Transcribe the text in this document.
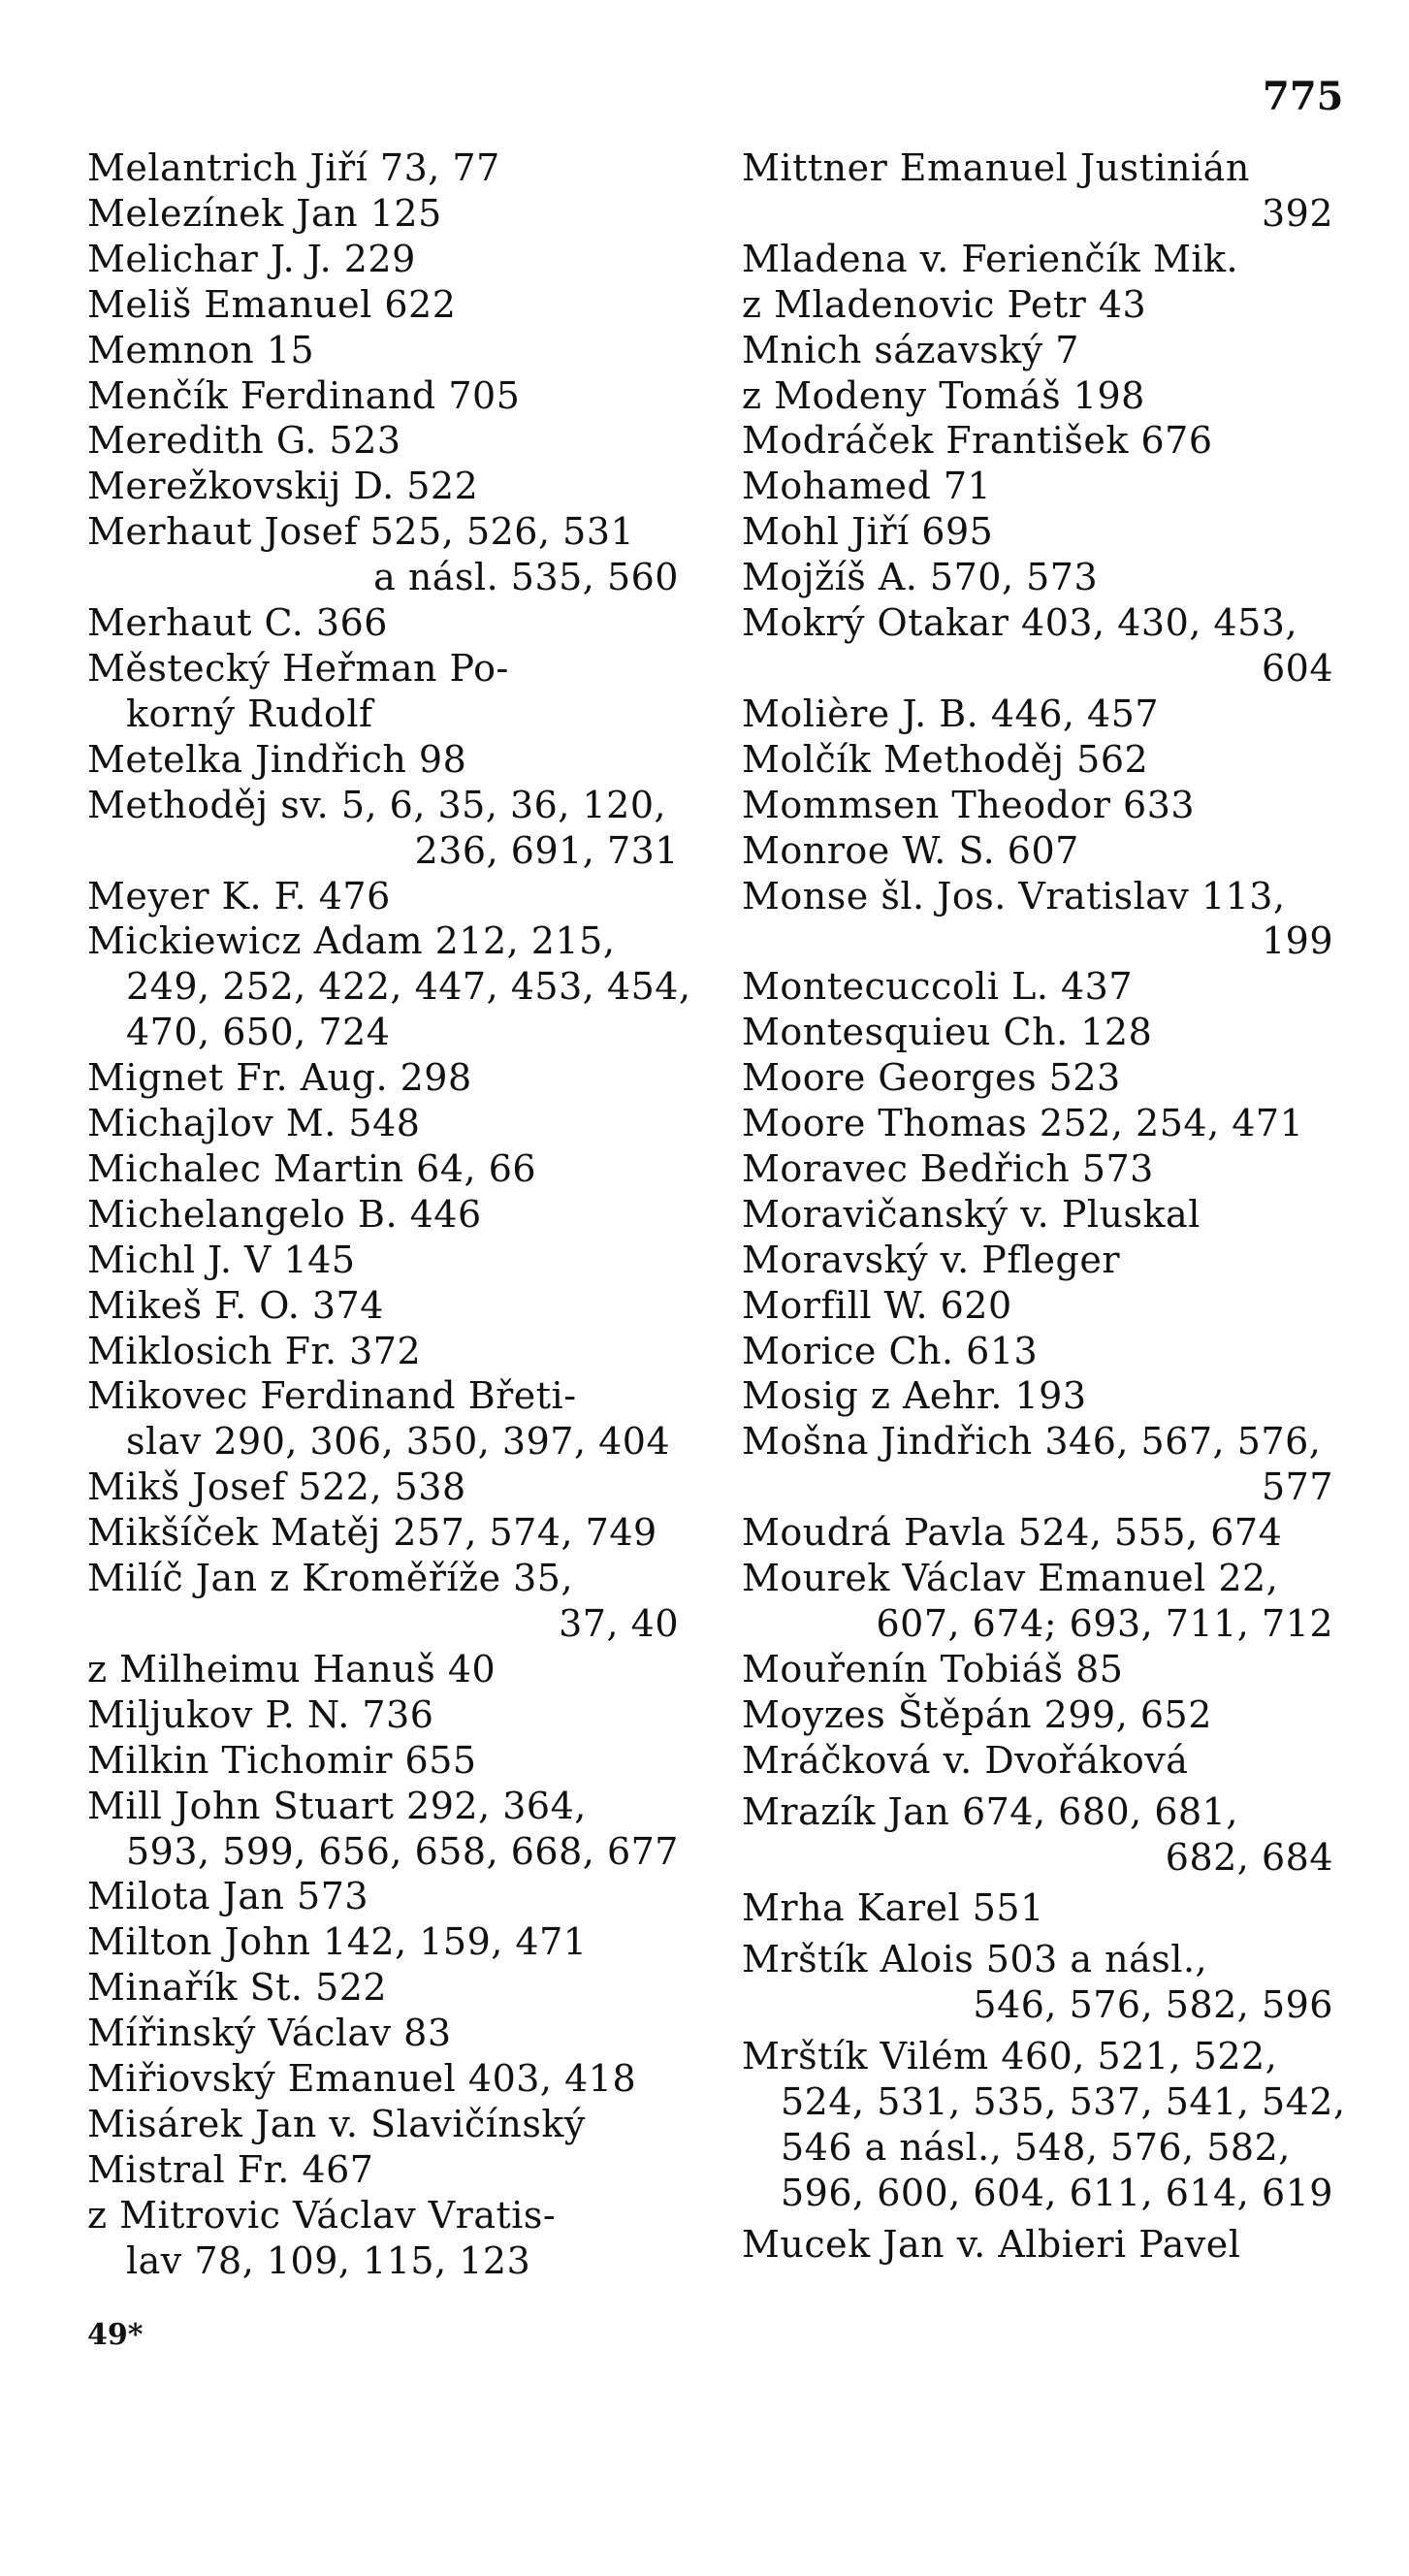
775
Melantrich Jiří 73, 77
Melezínek Jan 125
Melichar J. J. 229
Meliš Emanuel 622
Memnon 15
Menčík Ferdinand 705
Meredith G. 523
Merežkovskij D. 522
Merhaut Josef 525, 526, 531
a násl. 535, 560
Merhaut C. 366
Městecký Heřman Po-
korný Rudolf
Metelka Jindřich 98
Methoděj sv. 5, 6, 35, 36, 120,
236, 691, 731
Meyer K. F. 476
Mickiewicz Adam 212, 215,
249, 252, 422, 447, 453, 454,
470, 650, 724
Mignet Fr. Aug. 298
Michajlov M. 548
Michalec Martin 64, 66
Michelangelo B. 446
Michl J. V 145
Mikeš F. O. 374
Miklosich Fr. 372
Mikovec Ferdinand Břeti-
slav 290, 306, 350, 397, 404
Mikš Josef 522, 538
Mikšíček Matěj 257, 574, 749
Milíč Jan z Kroměříže 35,
37, 40
z Milheimu Hanuš 40
Miljukov P. N. 736
Milkin Tichomir 655
Mill John Stuart 292, 364,
593, 599, 656, 658, 668, 677
Milota Jan 573
Milton John 142, 159, 471
Minařík St. 522
Mířinský Václav 83
Miřiovský Emanuel 403, 418
Misárek Jan v. Slavičínský
Mistral Fr. 467
z Mitrovic Václav Vratis-
lav 78, 109, 115, 123
Mittner Emanuel Justinián
392
Mladena v. Ferienčík Mik.
z Mladenovic Petr 43
Mnich sázavský 7
z Modeny Tomáš 198
Modráček František 676
Mohamed 71
Mohl Jiří 695
Mojžíš A. 570, 573
Mokrý Otakar 403, 430, 453,
604
Molière J. B. 446, 457
Molčík Methoděj 562
Mommsen Theodor 633
Monroe W. S. 607
Monse šl. Jos. Vratislav 113,
199
Montecuccoli L. 437
Montesquieu Ch. 128
Moore Georges 523
Moore Thomas 252, 254, 471
Moravec Bedřich 573
Moravičanský v. Pluskal
Moravský v. Pfleger
Morfill W. 620
Morice Ch. 613
Mosig z Aehr. 193
Mošna Jindřich 346, 567, 576,
577
Moudrá Pavla 524, 555, 674
Mourek Václav Emanuel 22,
607, 674; 693, 711, 712
Mouřenín Tobiáš 85
Moyzes Štěpán 299, 652
Mráčková v. Dvořáková
Mrazík Jan 674, 680, 681,
682, 684
Mrha Karel 551
Mrštík Alois 503 a násl.,
546, 576, 582, 596
Mrštík Vilém 460, 521, 522,
524, 531, 535, 537, 541, 542,
546 a násl., 548, 576, 582,
596, 600, 604, 611, 614, 619
Mucek Jan v. Albieri Pavel
49*
